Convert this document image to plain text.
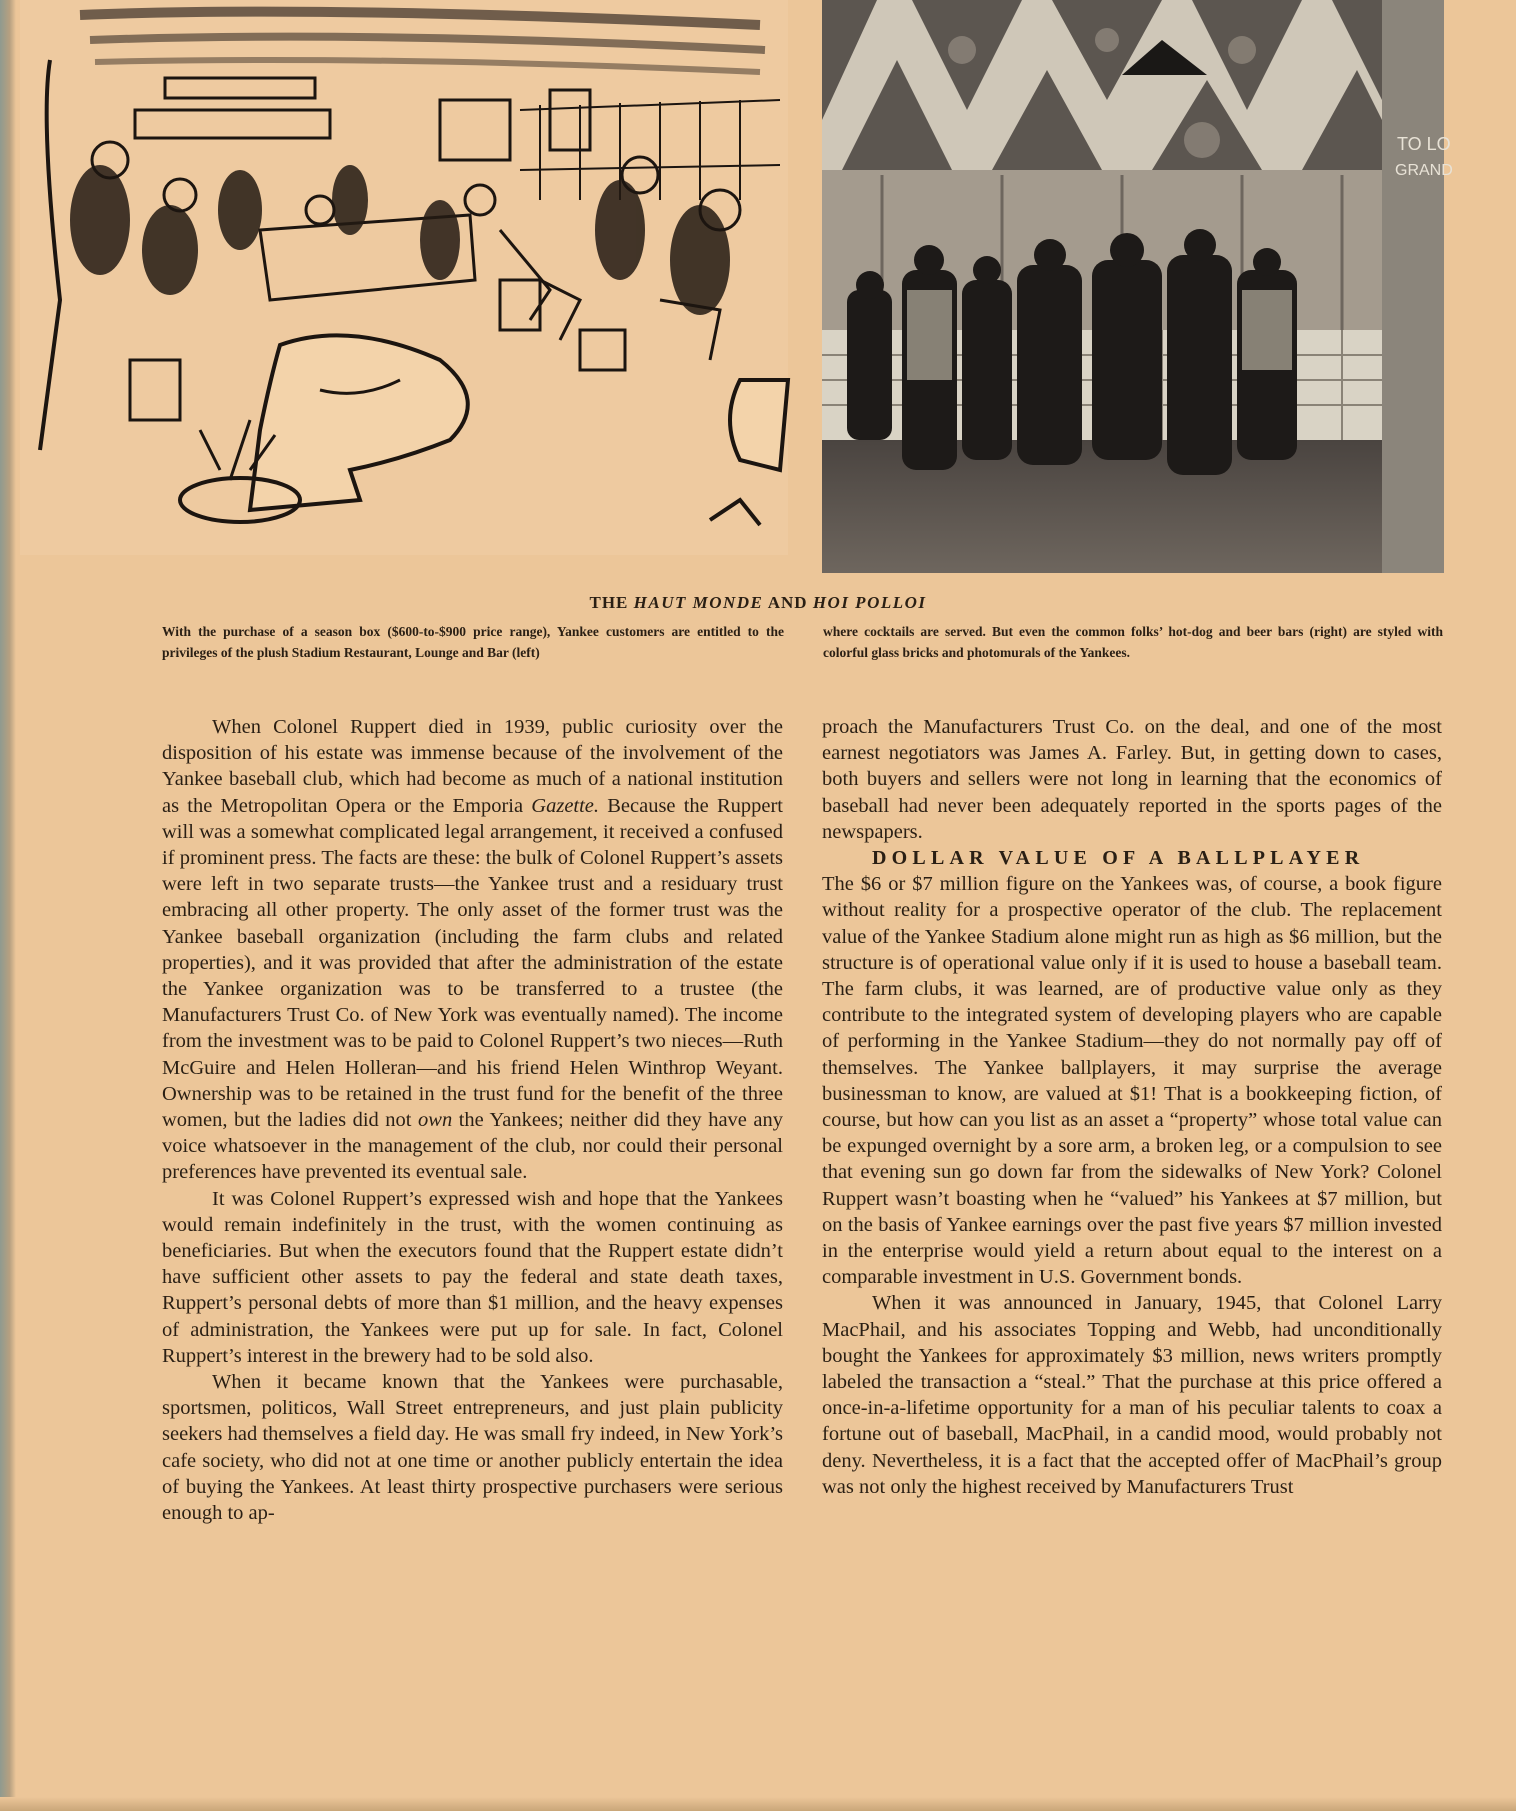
TO LO
GRAND
THE HAUT MONDE AND HOI POLLOI
With the purchase of a season box ($600-to-$900 price range), Yankee customers are entitled to the privileges of the plush Stadium Restaurant, Lounge and Bar (left)
where cocktails are served. But even the common folks’ hot-dog and beer bars (right) are styled with colorful glass bricks and photomurals of the Yankees.

When Colonel Ruppert died in 1939, public curiosity over the disposition of his estate was immense because of the involvement of the Yankee baseball club, which had become as much of a national institution as the Metropolitan Opera or the Emporia Gazette. Because the Ruppert will was a somewhat complicated legal arrangement, it received a confused if prominent press. The facts are these: the bulk of Colonel Ruppert’s assets were left in two separate trusts—the Yankee trust and a residuary trust embracing all other property. The only asset of the former trust was the Yankee baseball organization (including the farm clubs and related properties), and it was provided that after the administration of the estate the Yankee organization was to be transferred to a trustee (the Manufacturers Trust Co. of New York was eventually named). The income from the investment was to be paid to Colonel Ruppert’s two nieces—Ruth McGuire and Helen Holleran—and his friend Helen Winthrop Weyant. Ownership was to be retained in the trust fund for the benefit of the three women, but the ladies did not own the Yankees; neither did they have any voice whatsoever in the management of the club, nor could their personal preferences have prevented its eventual sale.

It was Colonel Ruppert’s expressed wish and hope that the Yankees would remain indefinitely in the trust, with the women continuing as beneficiaries. But when the executors found that the Ruppert estate didn’t have sufficient other assets to pay the federal and state death taxes, Ruppert’s personal debts of more than $1 million, and the heavy expenses of administration, the Yankees were put up for sale. In fact, Colonel Ruppert’s interest in the brewery had to be sold also.

When it became known that the Yankees were purchasable, sportsmen, politicos, Wall Street entrepreneurs, and just plain publicity seekers had themselves a field day. He was small fry indeed, in New York’s cafe society, who did not at one time or another publicly entertain the idea of buying the Yankees. At least thirty prospective purchasers were serious enough to ap-

proach the Manufacturers Trust Co. on the deal, and one of the most earnest negotiators was James A. Farley. But, in getting down to cases, both buyers and sellers were not long in learning that the economics of baseball had never been adequately reported in the sports pages of the newspapers.

DOLLAR VALUE OF A BALLPLAYER

The $6 or $7 million figure on the Yankees was, of course, a book figure without reality for a prospective operator of the club. The replacement value of the Yankee Stadium alone might run as high as $6 million, but the structure is of operational value only if it is used to house a baseball team. The farm clubs, it was learned, are of productive value only as they contribute to the integrated system of developing players who are capable of performing in the Yankee Stadium—they do not normally pay off of themselves. The Yankee ballplayers, it may surprise the average businessman to know, are valued at $1! That is a bookkeeping fiction, of course, but how can you list as an asset a “property” whose total value can be expunged overnight by a sore arm, a broken leg, or a compulsion to see that evening sun go down far from the sidewalks of New York? Colonel Ruppert wasn’t boasting when he “valued” his Yankees at $7 million, but on the basis of Yankee earnings over the past five years $7 million invested in the enterprise would yield a return about equal to the interest on a comparable investment in U.S. Government bonds.

When it was announced in January, 1945, that Colonel Larry MacPhail, and his associates Topping and Webb, had unconditionally bought the Yankees for approximately $3 million, news writers promptly labeled the transaction a “steal.” That the purchase at this price offered a once-in-a-lifetime opportunity for a man of his peculiar talents to coax a fortune out of baseball, MacPhail, in a candid mood, would probably not deny. Nevertheless, it is a fact that the accepted offer of MacPhail’s group was not only the highest received by Manufacturers Trust
